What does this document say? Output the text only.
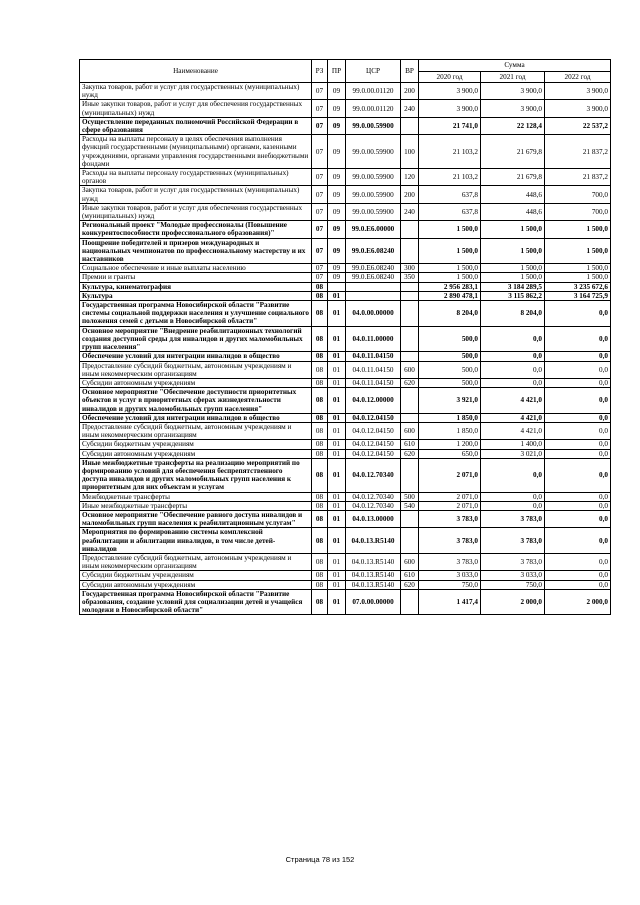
Наименование	РЗ	ПР	ЦСР	ВР	Сумма		
					2020 год	2021 год	2022 год
Закупка товаров, работ и услуг для государственных (муниципальных) нужд	07	09	99.0.00.01120	200	3 900,0	3 900,0	3 900,0
Иные закупки товаров, работ и услуг для обеспечения государственных (муниципальных) нужд	07	09	99.0.00.01120	240	3 900,0	3 900,0	3 900,0
Осуществление переданных полномочий Российской Федерации в сфере образования	07	09	99.0.00.59900		21 741,0	22 128,4	22 537,2
Расходы на выплаты персоналу в целях обеспечения выполнения функций государственными (муниципальными) органами, казенными учреждениями, органами управления государственными внебюджетными фондами	07	09	99.0.00.59900	100	21 103,2	21 679,8	21 837,2
Расходы на выплаты персоналу государственных (муниципальных) органов	07	09	99.0.00.59900	120	21 103,2	21 679,8	21 837,2
Закупка товаров, работ и услуг для государственных (муниципальных) нужд	07	09	99.0.00.59900	200	637,8	448,6	700,0
Иные закупки товаров, работ и услуг для обеспечения государственных (муниципальных) нужд	07	09	99.0.00.59900	240	637,8	448,6	700,0
Региональный проект "Молодые профессионалы (Повышение конкурентоспособности профессионального образования)"	07	09	99.0.E6.00000		1 500,0	1 500,0	1 500,0
Поощрение победителей и призеров международных и национальных чемпионатов по профессиональному мастерству и их наставников	07	09	99.0.E6.08240		1 500,0	1 500,0	1 500,0
Социальное обеспечение и иные выплаты населению	07	09	99.0.E6.08240	300	1 500,0	1 500,0	1 500,0
Премии и гранты	07	09	99.0.E6.08240	350	1 500,0	1 500,0	1 500,0
Культура, кинематография	08				2 956 283,1	3 184 289,5	3 235 672,6
Культура	08	01			2 890 478,1	3 115 862,2	3 164 725,9
Государственная программа Новосибирской области "Развитие системы социальной поддержки населения и улучшение социального положения семей с детьми в Новосибирской области"	08	01	04.0.00.00000		8 204,0	8 204,0	0,0
Основное мероприятие "Внедрение реабилитационных технологий создания доступной среды для инвалидов и других маломобильных групп населения"	08	01	04.0.11.00000		500,0	0,0	0,0
Обеспечение условий для интеграции инвалидов в общество	08	01	04.0.11.04150		500,0	0,0	0,0
Предоставление субсидий бюджетным, автономным учреждениям и иным некоммерческим организациям	08	01	04.0.11.04150	600	500,0	0,0	0,0
Субсидии автономным учреждениям	08	01	04.0.11.04150	620	500,0	0,0	0,0
Основное мероприятие "Обеспечение доступности приоритетных объектов и услуг в приоритетных сферах жизнедеятельности инвалидов и других маломобильных групп населения"	08	01	04.0.12.00000		3 921,0	4 421,0	0,0
Обеспечение условий для интеграции инвалидов в общество	08	01	04.0.12.04150		1 850,0	4 421,0	0,0
Предоставление субсидий бюджетным, автономным учреждениям и иным некоммерческим организациям	08	01	04.0.12.04150	600	1 850,0	4 421,0	0,0
Субсидии бюджетным учреждениям	08	01	04.0.12.04150	610	1 200,0	1 400,0	0,0
Субсидии автономным учреждениям	08	01	04.0.12.04150	620	650,0	3 021,0	0,0
Иные межбюджетные трансферты на реализацию мероприятий по формированию условий для обеспечения беспрепятственного доступа инвалидов и других маломобильных групп населения к приоритетным для них объектам и услугам	08	01	04.0.12.70340		2 071,0	0,0	0,0
Межбюджетные трансферты	08	01	04.0.12.70340	500	2 071,0	0,0	0,0
Иные межбюджетные трансферты	08	01	04.0.12.70340	540	2 071,0	0,0	0,0
Основное мероприятие "Обеспечение равного доступа инвалидов и маломобильных групп населения к реабилитационным услугам"	08	01	04.0.13.00000		3 783,0	3 783,0	0,0
Мероприятия по формированию системы комплексной реабилитации и абилитации инвалидов, в том числе детей-инвалидов	08	01	04.0.13.R5140		3 783,0	3 783,0	0,0
Предоставление субсидий бюджетным, автономным учреждениям и иным некоммерческим организациям	08	01	04.0.13.R5140	600	3 783,0	3 783,0	0,0
Субсидии бюджетным учреждениям	08	01	04.0.13.R5140	610	3 033,0	3 033,0	0,0
Субсидии автономным учреждениям	08	01	04.0.13.R5140	620	750,0	750,0	0,0
Государственная программа Новосибирской области "Развитие образования, создание условий для социализации детей и учащейся молодежи в Новосибирской области"	08	01	07.0.00.00000		1 417,4	2 000,0	2 000,0
Страница 78 из 152
